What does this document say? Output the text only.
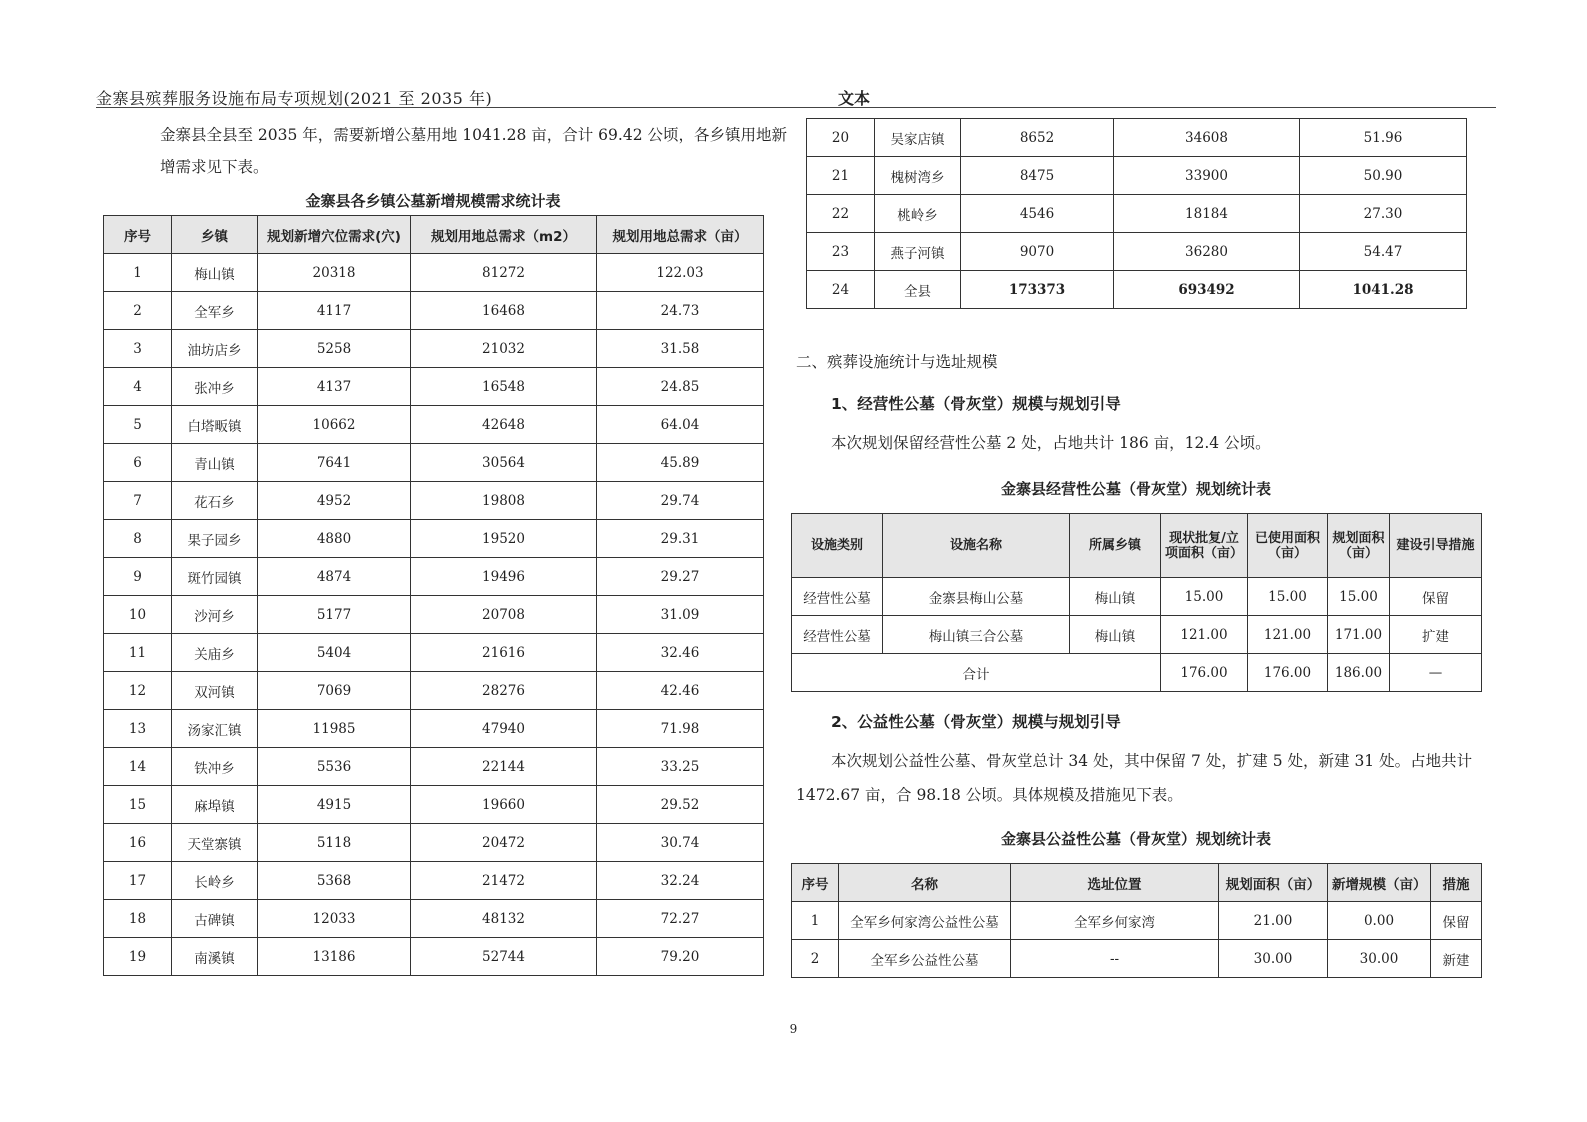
金寨县殡葬服务设施布局专项规划(2021 至 2035 年)	文本

金寨县全县至 2035 年，需要新增公墓用地 1041.28 亩，合计 69.42 公顷，各乡镇用地新

增需求见下表。

金寨县各乡镇公墓新增规模需求统计表
序号	乡镇	规划新增穴位需求(穴)	规划用地总需求（m2）	规划用地总需求（亩）
1	梅山镇	20318	81272	122.03
2	全军乡	4117	16468	24.73
3	油坊店乡	5258	21032	31.58
4	张冲乡	4137	16548	24.85
5	白塔畈镇	10662	42648	64.04
6	青山镇	7641	30564	45.89
7	花石乡	4952	19808	29.74
8	果子园乡	4880	19520	29.31
9	斑竹园镇	4874	19496	29.27
10	沙河乡	5177	20708	31.09
11	关庙乡	5404	21616	32.46
12	双河镇	7069	28276	42.46
13	汤家汇镇	11985	47940	71.98
14	铁冲乡	5536	22144	33.25
15	麻埠镇	4915	19660	29.52
16	天堂寨镇	5118	20472	30.74
17	长岭乡	5368	21472	32.24
18	古碑镇	12033	48132	72.27
19	南溪镇	13186	52744	79.20
20	吴家店镇	8652	34608	51.96
21	槐树湾乡	8475	33900	50.90
22	桃岭乡	4546	18184	27.30
23	燕子河镇	9070	36280	54.47
24	全县	173373	693492	1041.28
二、殡葬设施统计与选址规模
1、经营性公墓（骨灰堂）规模与规划引导
本次规划保留经营性公墓 2 处，占地共计 186 亩，12.4 公顷。
金寨县经营性公墓（骨灰堂）规划统计表
设施类别	设施名称	所属乡镇	现状批复/立项面积（亩）	已使用面积（亩）	规划面积（亩）	建设引导措施
经营性公墓	金寨县梅山公墓	梅山镇	15.00	15.00	15.00	保留
经营性公墓	梅山镇三合公墓	梅山镇	121.00	121.00	171.00	扩建
合计			176.00	176.00	186.00	—
2、公益性公墓（骨灰堂）规模与规划引导
本次规划公益性公墓、骨灰堂总计 34 处，其中保留 7 处，扩建 5 处，新建 31 处。占地共计
1472.67 亩，合 98.18 公顷。具体规模及措施见下表。
金寨县公益性公墓（骨灰堂）规划统计表
序号	名称	选址位置	规划面积（亩）	新增规模（亩）	措施
1	全军乡何家湾公益性公墓	全军乡何家湾	21.00	0.00	保留
2	全军乡公益性公墓	--	30.00	30.00	新建
9
